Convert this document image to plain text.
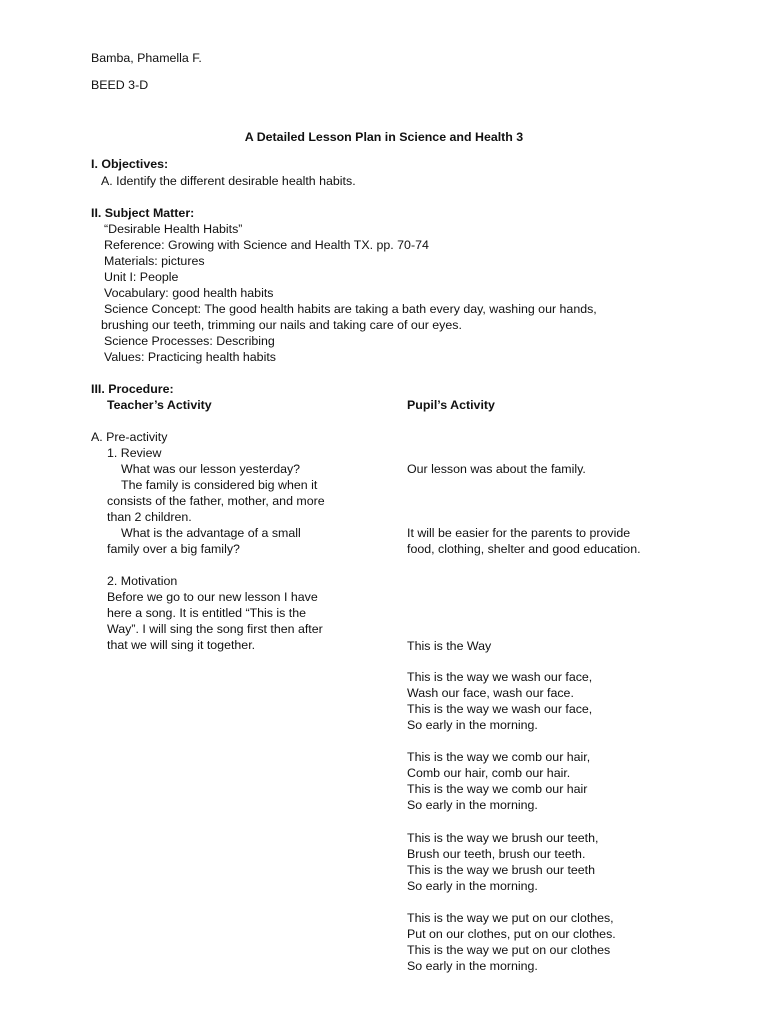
Bamba, Phamella F.
BEED 3-D
A Detailed Lesson Plan in Science and Health 3
I. Objectives:
A. Identify the different desirable health habits.
II. Subject Matter:
“Desirable Health Habits”
Reference: Growing with Science and Health TX. pp. 70-74
Materials: pictures
Unit I: People
Vocabulary: good health habits
Science Concept: The good health habits are taking a bath every day, washing our hands,
brushing our teeth, trimming our nails and taking care of our eyes.
Science Processes: Describing
Values: Practicing health habits
III. Procedure:
Teacher’s Activity	Pupil’s Activity
A. Pre-activity
1. Review
What was our lesson yesterday?
The family is considered big when it
consists of the father, mother, and more
than 2 children.
What is the advantage of a small
family over a big family?
Our lesson was about the family.
It will be easier for the parents to provide
food, clothing, shelter and good education.
2. Motivation
Before we go to our new lesson I have
here a song. It is entitled “This is the
Way”. I will sing the song first then after
that we will sing it together.	This is the Way
This is the way we wash our face,
Wash our face, wash our face.
This is the way we wash our face,
So early in the morning.
This is the way we comb our hair,
Comb our hair, comb our hair.
This is the way we comb our hair
So early in the morning.
This is the way we brush our teeth,
Brush our teeth, brush our teeth.
This is the way we brush our teeth
So early in the morning.
This is the way we put on our clothes,
Put on our clothes, put on our clothes.
This is the way we put on our clothes
So early in the morning.
